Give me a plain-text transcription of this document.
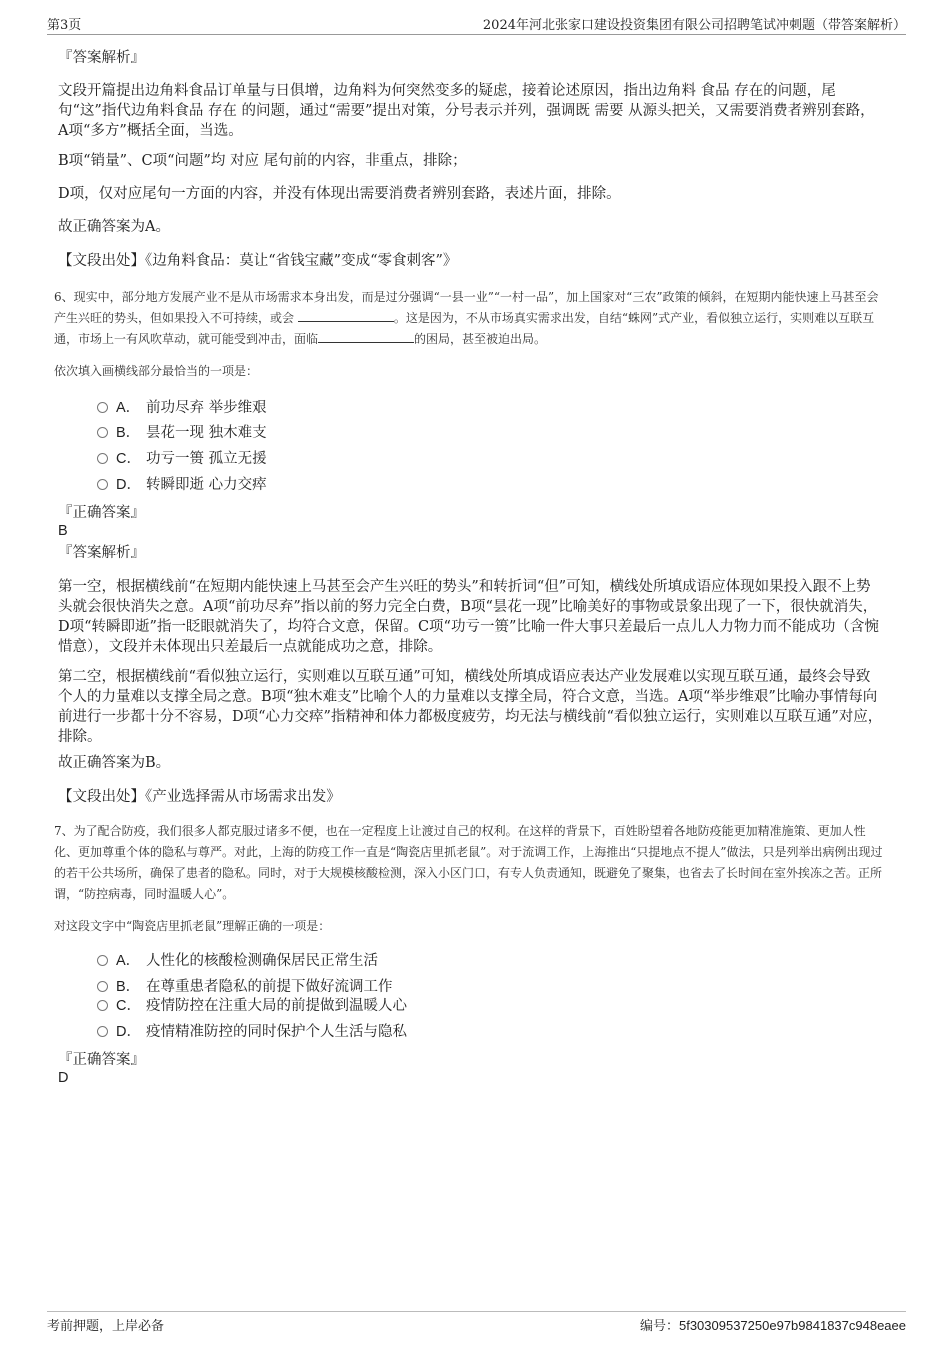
第3页	2024年河北张家口建设投资集团有限公司招聘笔试冲刺题（带答案解析）

『答案解析』

文段开篇提出边角料食品订单量与日俱增，边角料为何突然变多的疑虑，接着论述原因，指出边角料 食品 存在的问题，尾句“这”指代边角料食品 存在 的问题，通过“需要”提出对策，分号表示并列，强调既 需要 从源头把关，又需要消费者辨别套路，A项“多方”概括全面，当选。

B项“销量”、C项“问题”均 对应 尾句前的内容，非重点，排除；

D项，仅对应尾句一方面的内容，并没有体现出需要消费者辨别套路，表述片面，排除。

故正确答案为A。

【文段出处】《边角料食品：莫让“省钱宝藏”变成“零食刺客”》

6、现实中，部分地方发展产业不是从市场需求本身出发，而是过分强调“一县一业”“一村一品”，加上国家对“三农”政策的倾斜，在短期内能快速上马甚至会产生兴旺的势头，但如果投入不可持续，或会	。这是因为，不从市场真实需求出发，自结“蛛网”式产业，看似独立运行，实则难以互联互通，市场上一有风吹草动，就可能受到冲击，面临	的困局，甚至被迫出局。

依次填入画横线部分最恰当的一项是：

A． 前功尽弃 举步维艰
B． 昙花一现 独木难支
C． 功亏一篑 孤立无援
D． 转瞬即逝 心力交瘁

『正确答案』

B

『答案解析』

第一空，根据横线前“在短期内能快速上马甚至会产生兴旺的势头”和转折词“但”可知，横线处所填成语应体现如果投入跟不上势头就会很快消失之意。A项“前功尽弃”指以前的努力完全白费，B项“昙花一现”比喻美好的事物或景象出现了一下，很快就消失，D项“转瞬即逝”指一眨眼就消失了，均符合文意，保留。C项“功亏一篑”比喻一件大事只差最后一点儿人力物力而不能成功（含惋惜意），文段并未体现出只差最后一点就能成功之意，排除。

第二空，根据横线前“看似独立运行，实则难以互联互通”可知，横线处所填成语应表达产业发展难以实现互联互通，最终会导致个人的力量难以支撑全局之意。B项“独木难支”比喻个人的力量难以支撑全局，符合文意，当选。A项“举步维艰”比喻办事情每向前进行一步都十分不容易，D项“心力交瘁”指精神和体力都极度疲劳，均无法与横线前“看似独立运行，实则难以互联互通”对应，排除。

故正确答案为B。

【文段出处】《产业选择需从市场需求出发》

7、为了配合防疫，我们很多人都克服过诸多不便，也在一定程度上让渡过自己的权利。在这样的背景下，百姓盼望着各地防疫能更加精准施策、更加人性化、更加尊重个体的隐私与尊严。对此，上海的防疫工作一直是“陶瓷店里抓老鼠”。对于流调工作，上海推出“只提地点不提人”做法，只是列举出病例出现过的若干公共场所，确保了患者的隐私。同时，对于大规模核酸检测，深入小区门口，有专人负责通知，既避免了聚集，也省去了长时间在室外挨冻之苦。正所谓，“防控病毒，同时温暖人心”。

对这段文字中“陶瓷店里抓老鼠”理解正确的一项是：

A． 人性化的核酸检测确保居民正常生活
B． 在尊重患者隐私的前提下做好流调工作
C． 疫情防控在注重大局的前提做到温暖人心
D． 疫情精准防控的同时保护个人生活与隐私

『正确答案』

D

考前押题，上岸必备	编号：5f30309537250e97b9841837c948eaee
